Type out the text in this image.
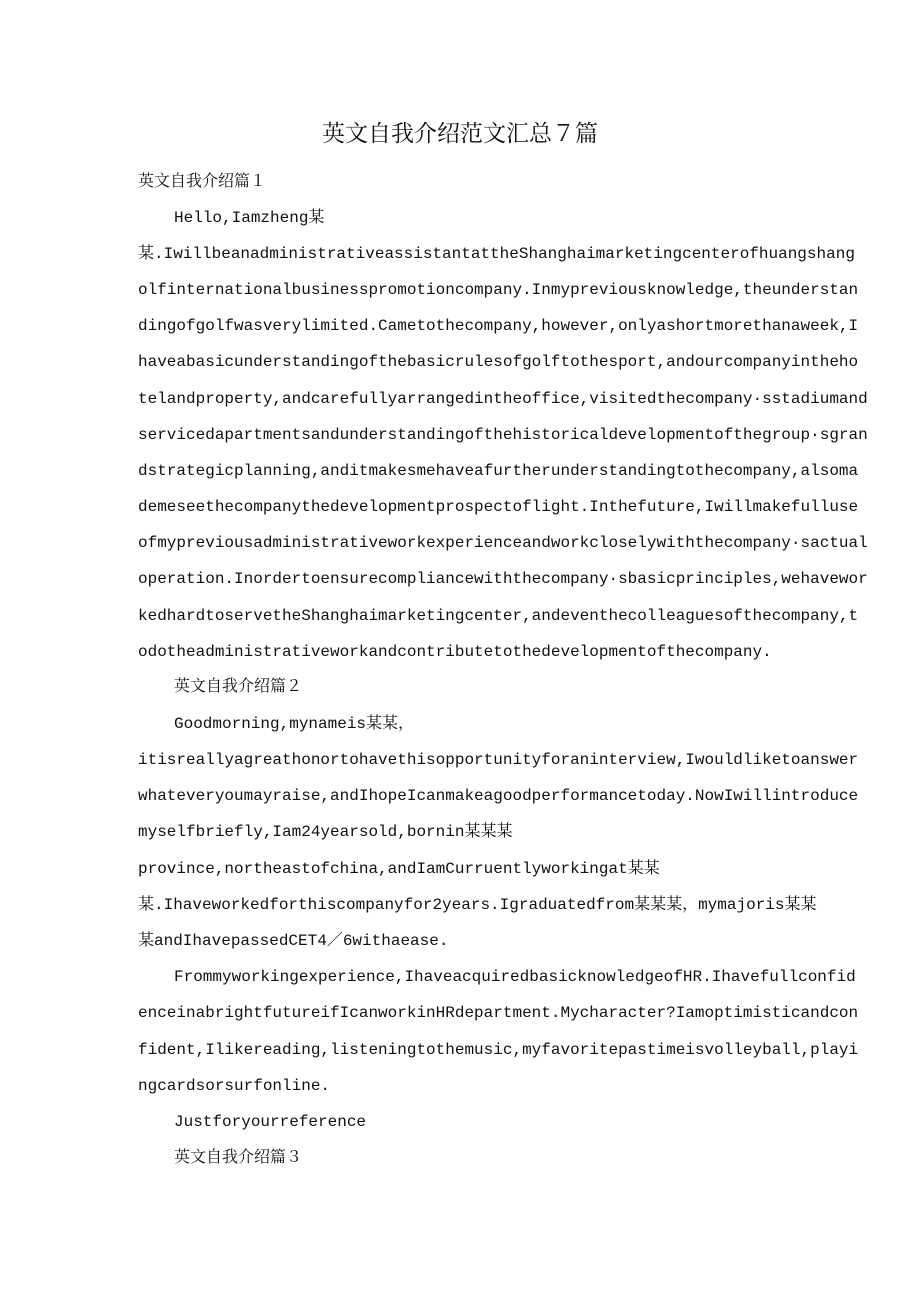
英文自我介绍范文汇总７篇
英文自我介绍篇１
Hello,Iamzheng某
某.IwillbeanadministrativeassistantattheShanghaimarketingcenterofhuangshang
olfinternationalbusinesspromotioncompany.Inmypreviousknowledge,theunderstan
dingofgolfwasverylimited.Cametothecompany,however,onlyashortmorethanaweek,I
haveabasicunderstandingofthebasicrulesofgolftothesport,andourcompanyinthehо
telandproperty,andcarefullyarrangedintheoffice,visitedthecompany·sstadiumand
servicedapartmentsandunderstandingofthehistoricaldevelopmentofthegroup·sgran
dstrategicplanning,anditmakesmehaveafurtherunderstandingtothecompany,alsoma
demeseethecompanythedevelopmentprospectoflight.Inthefuture,Iwillmakefulluse
ofmypreviousadministrativeworkexperienceandworkcloselywiththecompany·sactual
operation.Inordertoensurecompliancewiththecompany·sbasicprinciples,wehavewor
kedhardtoservetheShanghaimarketingcenter,andeventhecolleaguesofthecompany,t
odotheadministrativeworkandcontributetothedevelopmentofthecompany.
英文自我介绍篇２
Goodmorning,mynameis某某，
itisreallyagreathonortohavethisopportunityforaninterview,Iwouldliketoanswer
whateveryoumayraise,andIhopeIcanmakeagoodperformancetoday.NowIwillintroduce
myselfbriefly,Iam24yearsold,bornin某某某
province,northeastofchina,andIamCurruentlyworkingat某某
某.Ihaveworkedforthiscompanyfor2years.Igraduatedfrom某某某，mymajoris某某
某andIhavepassedCET4／6withaease.
Frommyworkingexperience,IhaveacquiredbasicknowledgeofHR.Ihavefullconfid
enceinabrightfutureifIcanworkinHRdepartment.Mycharacter?Iamoptimisticandcon
fident,Ilikereading,listeningtothemusic,myfavoritepastimeisvolleyball,playi
ngcardsorsurfonline.
Justforyourreference
英文自我介绍篇３
